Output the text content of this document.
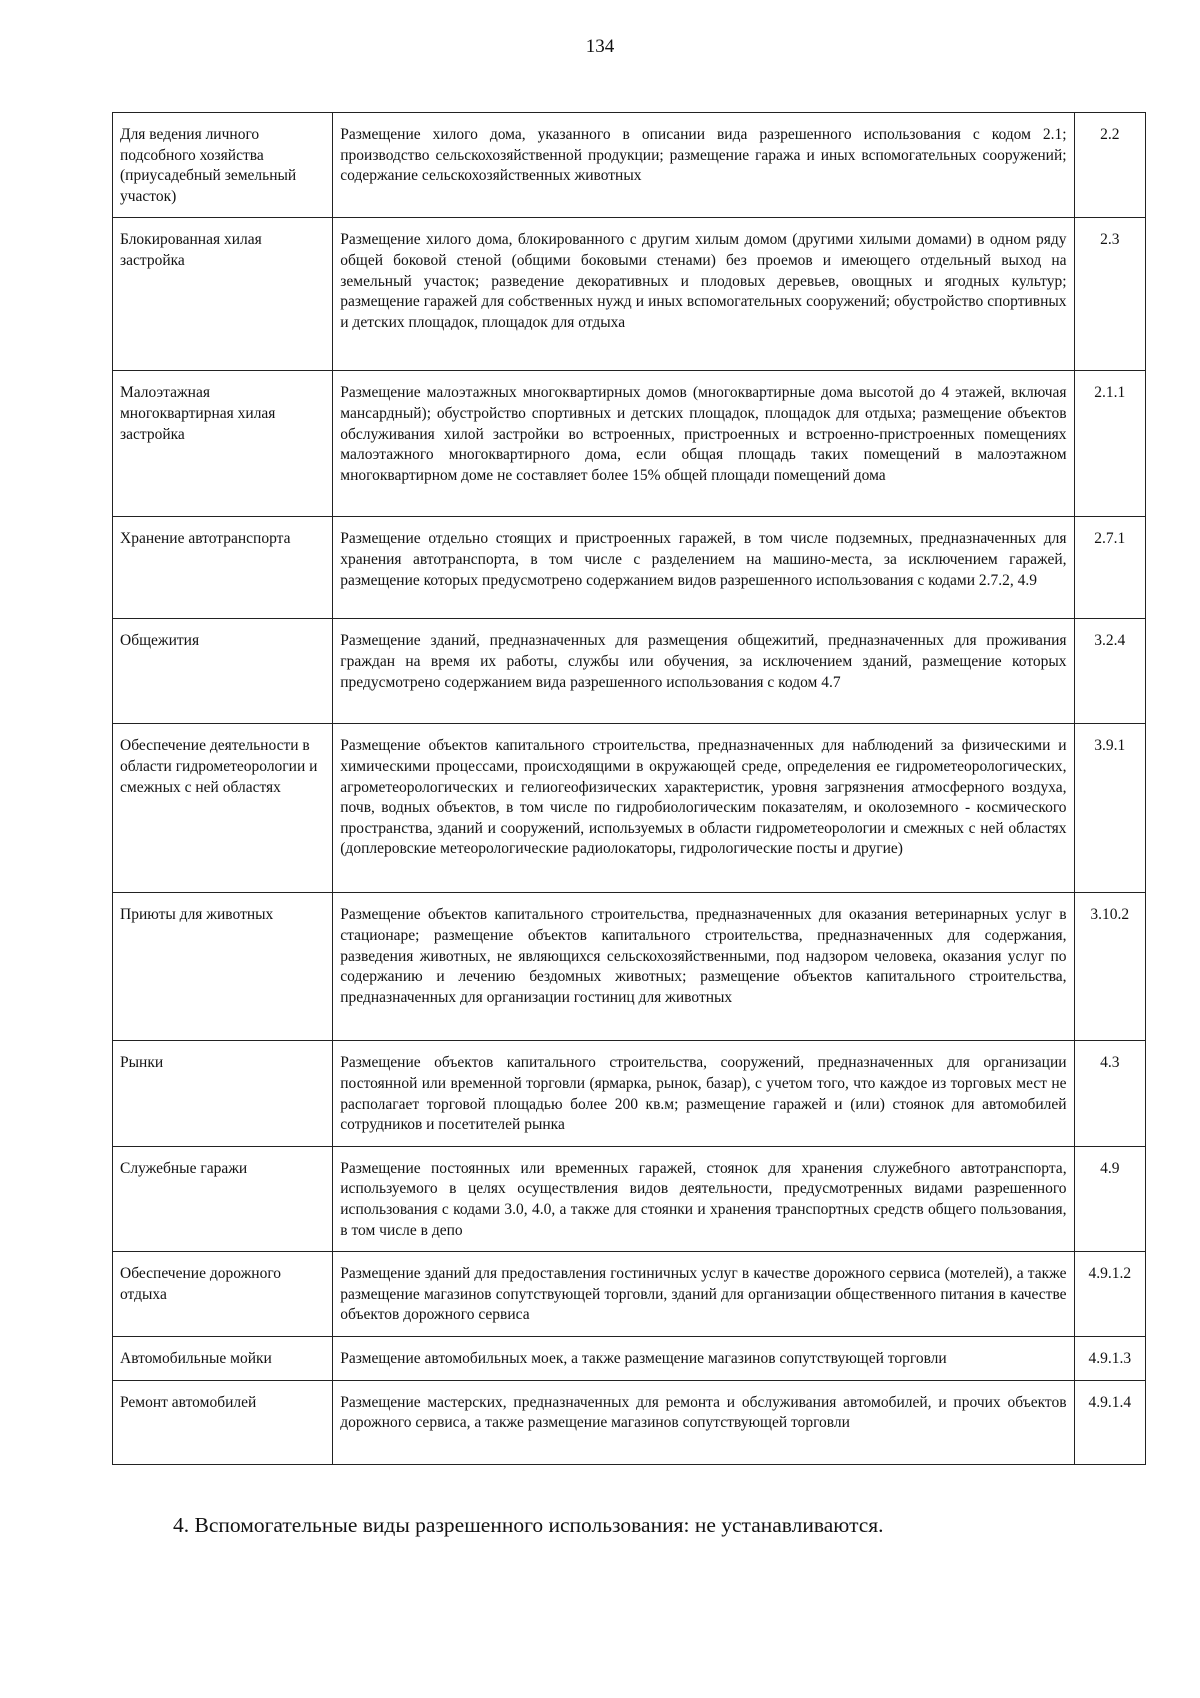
134
Для ведения личного подсобного хозяйства (приусадебный земельный участок)	Размещение хилого дома, указанного в описании вида разрешенного использования с кодом 2.1; производство сельскохозяйственной продукции; размещение гаража и иных вспомогательных сооружений; содержание сельскохозяйственных животных	2.2
Блокированная хилая застройка	Размещение хилого дома, блокированного с другим хилым домом (другими хилыми домами) в одном ряду общей боковой стеной (общими боковыми стенами) без проемов и имеющего отдельный выход на земельный участок; разведение декоративных и плодовых деревьев, овощных и ягодных культур; размещение гаражей для собственных нужд и иных вспомогательных сооружений; обустройство спортивных и детских площадок, площадок для отдыха	2.3
Малоэтажная многоквартирная хилая застройка	Размещение малоэтажных многоквартирных домов (многоквартирные дома высотой до 4 этажей, включая мансардный); обустройство спортивных и детских площадок, площадок для отдыха; размещение объектов обслуживания хилой застройки во встроенных, пристроенных и встроенно-пристроенных помещениях малоэтажного многоквартирного дома, если общая площадь таких помещений в малоэтажном многоквартирном доме не составляет более 15% общей площади помещений дома	2.1.1
Хранение автотранспорта	Размещение отдельно стоящих и пристроенных гаражей, в том числе подземных, предназначенных для хранения автотранспорта, в том числе с разделением на машино-места, за исключением гаражей, размещение которых предусмотрено содержанием видов разрешенного использования с кодами 2.7.2, 4.9	2.7.1
Общежития	Размещение зданий, предназначенных для размещения общежитий, предназначенных для проживания граждан на время их работы, службы или обучения, за исключением зданий, размещение которых предусмотрено содержанием вида разрешенного использования с кодом 4.7	3.2.4
Обеспечение деятельности в области гидрометеорологии и смежных с ней областях	Размещение объектов капитального строительства, предназначенных для наблюдений за физическими и химическими процессами, происходящими в окружающей среде, определения ее гидрометеорологических, агрометеорологических и гелиогеофизических характеристик, уровня загрязнения атмосферного воздуха, почв, водных объектов, в том числе по гидробиологическим показателям, и околоземного - космического пространства, зданий и сооружений, используемых в области гидрометеорологии и смежных с ней областях (доплеровские метеорологические радиолокаторы, гидрологические посты и другие)	3.9.1
Приюты для животных	Размещение объектов капитального строительства, предназначенных для оказания ветеринарных услуг в стационаре; размещение объектов капитального строительства, предназначенных для содержания, разведения животных, не являющихся сельскохозяйственными, под надзором человека, оказания услуг по содержанию и лечению бездомных животных; размещение объектов капитального строительства, предназначенных для организации гостиниц для животных	3.10.2
Рынки	Размещение объектов капитального строительства, сооружений, предназначенных для организации постоянной или временной торговли (ярмарка, рынок, базар), с учетом того, что каждое из торговых мест не располагает торговой площадью более 200 кв.м; размещение гаражей и (или) стоянок для автомобилей сотрудников и посетителей рынка	4.3
Служебные гаражи	Размещение постоянных или временных гаражей, стоянок для хранения служебного автотранспорта, используемого в целях осуществления видов деятельности, предусмотренных видами разрешенного использования с кодами 3.0, 4.0, а также для стоянки и хранения транспортных средств общего пользования, в том числе в депо	4.9
Обеспечение дорожного отдыха	Размещение зданий для предоставления гостиничных услуг в качестве дорожного сервиса (мотелей), а также размещение магазинов сопутствующей торговли, зданий для организации общественного питания в качестве объектов дорожного сервиса	4.9.1.2
Автомобильные мойки	Размещение автомобильных моек, а также размещение магазинов сопутствующей торговли	4.9.1.3
Ремонт автомобилей	Размещение мастерских, предназначенных для ремонта и обслуживания автомобилей, и прочих объектов дорожного сервиса, а также размещение магазинов сопутствующей торговли	4.9.1.4
4. Вспомогательные виды разрешенного использования: не устанавливаются.
